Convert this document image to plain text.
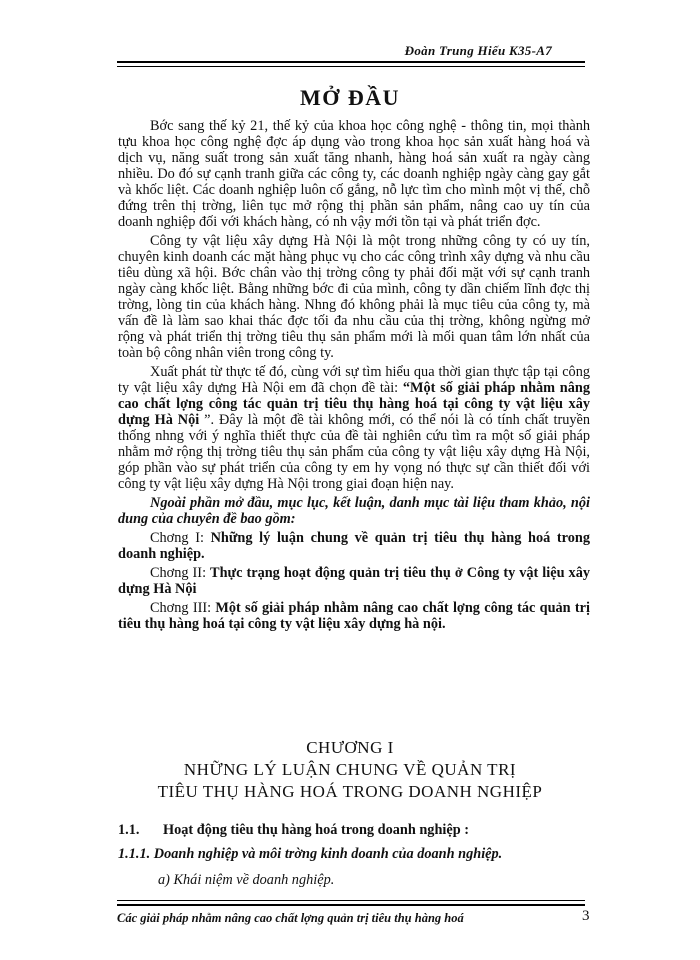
Đoàn Trung Hiếu K35-A7
MỞ ĐẦU

Bớc sang thế kỷ 21, thế kỷ của khoa học công nghệ - thông tin, mọi thành tựu khoa học công nghệ đợc áp dụng vào trong khoa học sản xuất hàng hoá và dịch vụ, năng suất trong sản xuất tăng nhanh, hàng hoá sản xuất ra ngày càng nhiều. Do đó sự cạnh tranh giữa các công ty, các doanh nghiệp ngày càng gay gắt và khốc liệt. Các doanh nghiệp luôn cố gắng, nỗ lực tìm cho mình một vị thế, chỗ đứng trên thị trờng, liên tục mở rộng thị phần sản phẩm, nâng cao uy tín của doanh nghiệp đối với khách hàng, có nh vậy mới tồn tại và phát triển đợc.

Công ty vật liệu xây dựng Hà Nội là một trong những công ty có uy tín, chuyên kinh doanh các mặt hàng phục vụ cho các công trình xây dựng và nhu cầu tiêu dùng xã hội. Bớc chân vào thị trờng công ty phải đối mặt với sự cạnh tranh ngày càng khốc liệt. Bằng những bớc đi của mình, công ty dần chiếm lĩnh đợc thị trờng, lòng tin của khách hàng. Nhng đó không phải là mục tiêu của công ty, mà vấn đề là làm sao khai thác đợc tối đa nhu cầu của thị trờng, không ngừng mở rộng và phát triển thị trờng tiêu thụ sản phẩm mới là mối quan tâm lớn nhất của toàn bộ công nhân viên trong công ty.

Xuất phát từ thực tế đó, cùng với sự tìm hiểu qua thời gian thực tập tại công ty vật liệu xây dựng Hà Nội em đã chọn đề tài: “Một số giải pháp nhằm nâng cao chất lợng công tác quản trị tiêu thụ hàng hoá tại công ty vật liệu xây dựng Hà Nội ”. Đây là một đề tài không mới, có thể nói là có tính chất truyền thống nhng với ý nghĩa thiết thực của đề tài nghiên cứu tìm ra một số giải pháp nhằm mở rộng thị trờng tiêu thụ sản phẩm của công ty vật liệu xây dựng Hà Nội, góp phần vào sự phát triển của công ty em hy vọng nó thực sự cần thiết đối với công ty vật liệu xây dựng Hà Nội trong giai đoạn hiện nay.

Ngoài phần mở đầu, mục lục, kết luận, danh mục tài liệu tham khảo, nội dung của chuyên đề bao gồm:

Chơng I: Những lý luận chung về quản trị tiêu thụ hàng hoá trong doanh nghiệp.

Chơng II: Thực trạng hoạt động quản trị tiêu thụ ở Công ty vật liệu xây dựng Hà Nội

Chơng III: Một số giải pháp nhằm nâng cao chất lợng công tác quản trị tiêu thụ hàng hoá tại công ty vật liệu xây dựng hà nội.

CHƯƠNG I
NHỮNG LÝ LUẬN CHUNG VỀ QUẢN TRỊ
TIÊU THỤ HÀNG HOÁ TRONG DOANH NGHIỆP
1.1. Hoạt động tiêu thụ hàng hoá trong doanh nghiệp :
1.1.1. Doanh nghiệp và môi trờng kinh doanh của doanh nghiệp.
a) Khái niệm về doanh nghiệp.
Các giải pháp nhằm nâng cao chất lợng quản trị tiêu thụ hàng hoá	3
